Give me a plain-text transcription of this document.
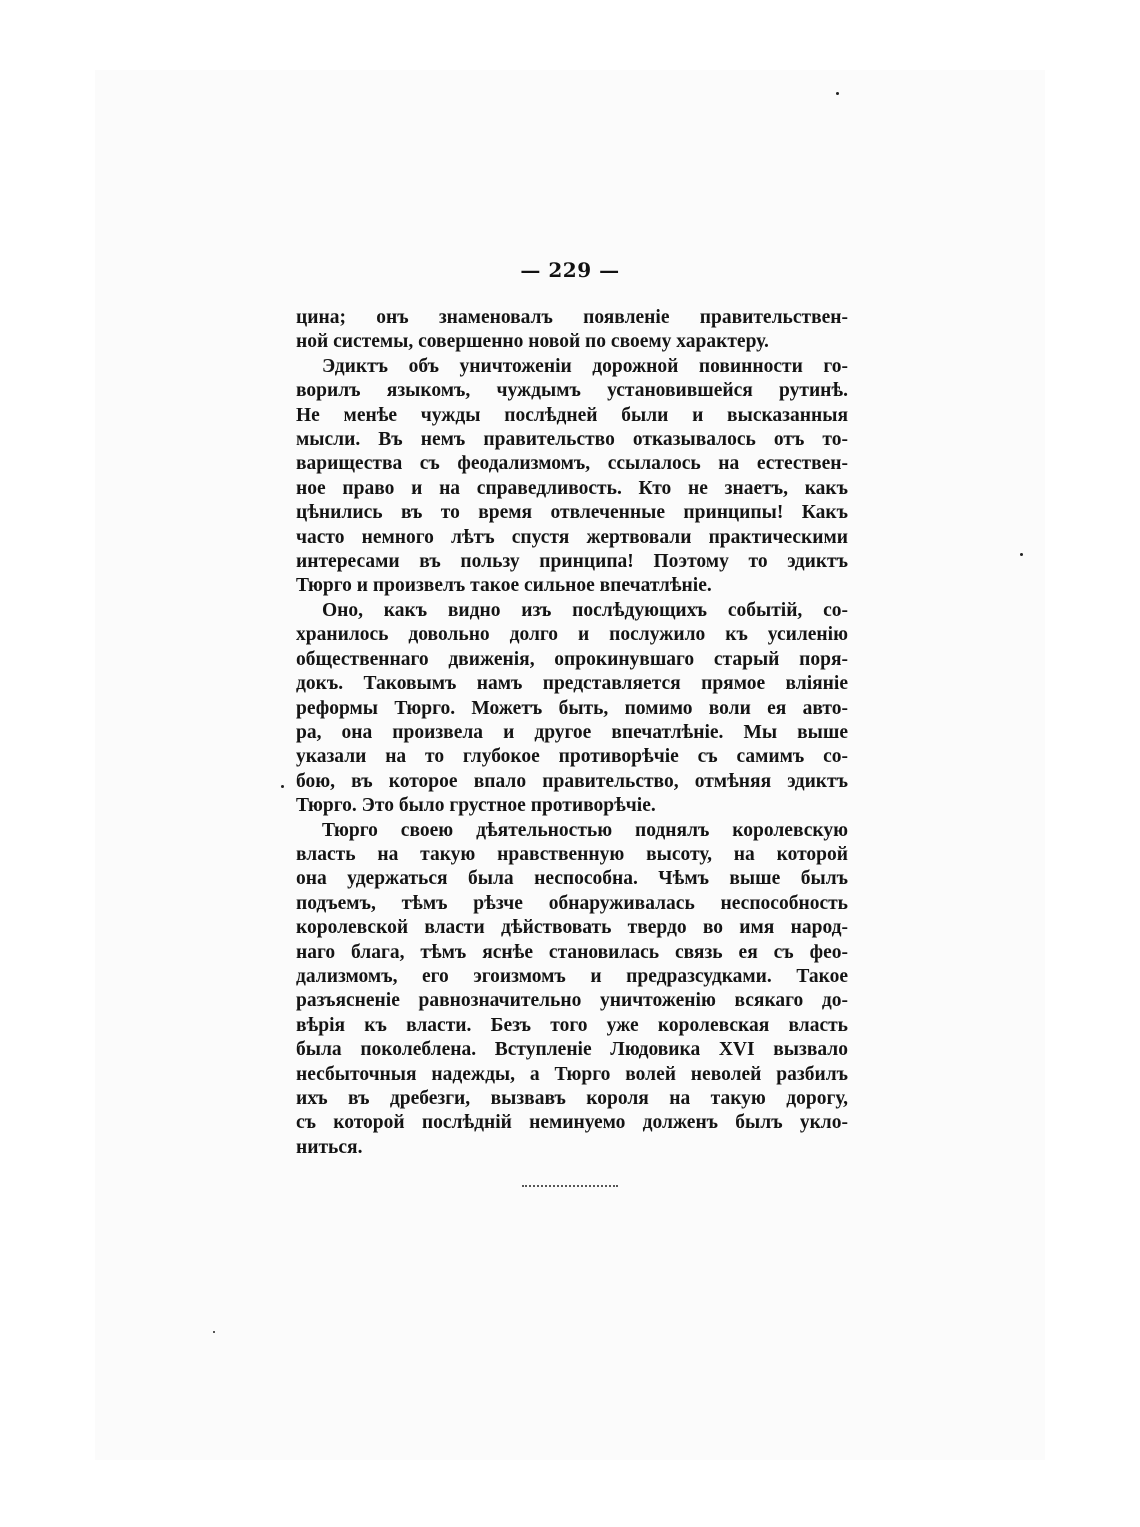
— 229 —

цина; онъ знаменовалъ появленіе правительствен-
ной системы, совершенно новой по своему характеру.

Эдиктъ объ уничтоженіи дорожной повинности го-
ворилъ языкомъ, чуждымъ установившейся рутинѣ.
Не менѣе чужды послѣдней были и высказанныя
мысли. Въ немъ правительство отказывалось отъ то-
варищества съ феодализмомъ, ссылалось на естествен-
ное право и на справедливость. Кто не знаетъ, какъ
цѣнились въ то время отвлеченные принципы! Какъ
часто немного лѣтъ спустя жертвовали практическими
интересами въ пользу принципа! Поэтому то эдиктъ
Тюрго и произвелъ такое сильное впечатлѣніе.

Оно, какъ видно изъ послѣдующихъ событій, со-
хранилось довольно долго и послужило къ усиленію
общественнаго движенія, опрокинувшаго старый поря-
докъ. Таковымъ намъ представляется прямое вліяніе
реформы Тюрго. Можетъ быть, помимо воли ея авто-
ра, она произвела и другое впечатлѣніе. Мы выше
указали на то глубокое противорѣчіе съ самимъ со-
бою, въ которое впало правительство, отмѣняя эдиктъ
Тюрго. Это было грустное противорѣчіе.

Тюрго своею дѣятельностью поднялъ королевскую
власть на такую нравственную высоту, на которой
она удержаться была неспособна. Чѣмъ выше былъ
подъемъ, тѣмъ рѣзче обнаруживалась неспособность
королевской власти дѣйствовать твердо во имя народ-
наго блага, тѣмъ яснѣе становилась связь ея съ фео-
дализмомъ, его эгоизмомъ и предразсудками. Такое
разъясненіе равнозначительно уничтоженію всякаго до-
вѣрія къ власти. Безъ того уже королевская власть
была поколеблена. Вступленіе Людовика XVI вызвало
несбыточныя надежды, а Тюрго волей неволей разбилъ
ихъ въ дребезги, вызвавъ короля на такую дорогу,
съ которой послѣдній неминуемо долженъ былъ укло-
ниться.
